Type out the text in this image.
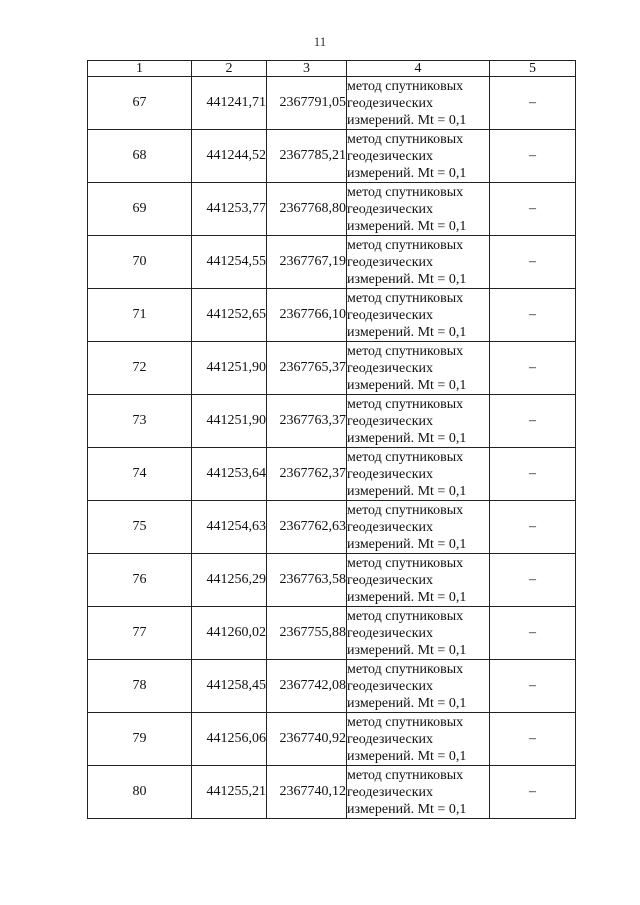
11
1	2	3	4	5
67	441241,71	2367791,05	метод спутниковых
геодезических
измерений. Mt = 0,1	–
68	441244,52	2367785,21	метод спутниковых
геодезических
измерений. Mt = 0,1	–
69	441253,77	2367768,80	метод спутниковых
геодезических
измерений. Mt = 0,1	–
70	441254,55	2367767,19	метод спутниковых
геодезических
измерений. Mt = 0,1	–
71	441252,65	2367766,10	метод спутниковых
геодезических
измерений. Mt = 0,1	–
72	441251,90	2367765,37	метод спутниковых
геодезических
измерений. Mt = 0,1	–
73	441251,90	2367763,37	метод спутниковых
геодезических
измерений. Mt = 0,1	–
74	441253,64	2367762,37	метод спутниковых
геодезических
измерений. Mt = 0,1	–
75	441254,63	2367762,63	метод спутниковых
геодезических
измерений. Mt = 0,1	–
76	441256,29	2367763,58	метод спутниковых
геодезических
измерений. Mt = 0,1	–
77	441260,02	2367755,88	метод спутниковых
геодезических
измерений. Mt = 0,1	–
78	441258,45	2367742,08	метод спутниковых
геодезических
измерений. Mt = 0,1	–
79	441256,06	2367740,92	метод спутниковых
геодезических
измерений. Mt = 0,1	–
80	441255,21	2367740,12	метод спутниковых
геодезических
измерений. Mt = 0,1	–
